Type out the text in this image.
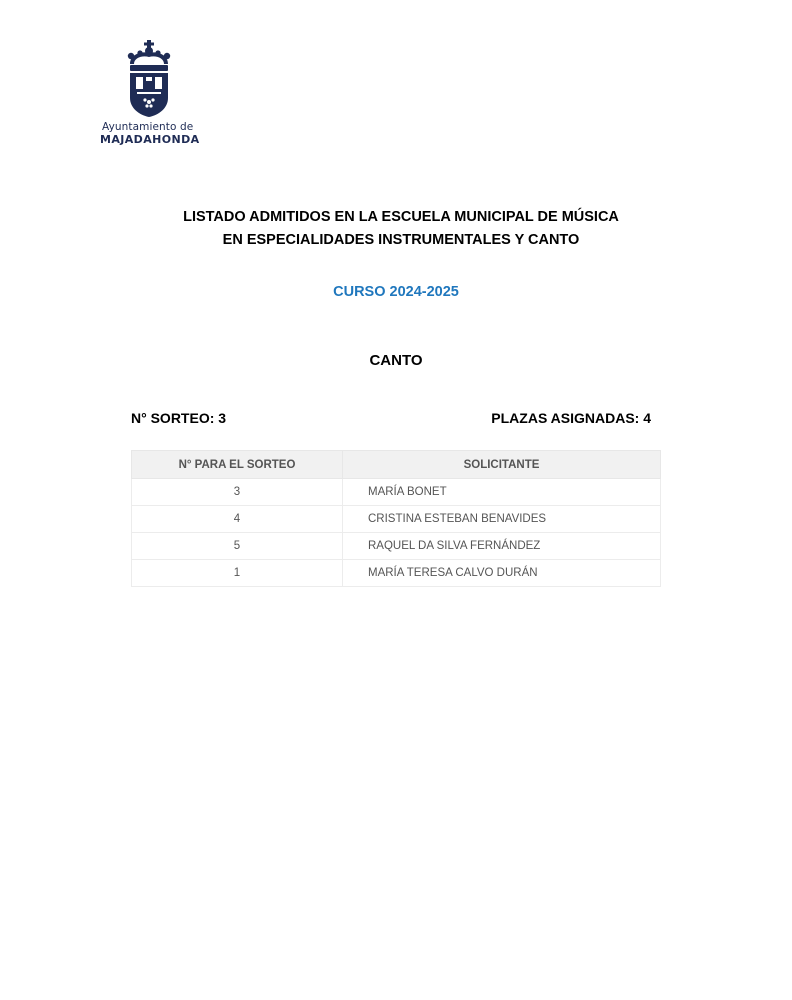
Ayuntamiento de
MAJADAHONDA
LISTADO ADMITIDOS EN LA ESCUELA MUNICIPAL DE MÚSICA
EN ESPECIALIDADES INSTRUMENTALES Y CANTO
CURSO 2024-2025
CANTO
N° SORTEO: 3	PLAZAS ASIGNADAS: 4
N° PARA EL SORTEO	SOLICITANTE
3	MARÍA BONET
4	CRISTINA ESTEBAN BENAVIDES
5	RAQUEL DA SILVA FERNÁNDEZ
1	MARÍA TERESA CALVO DURÁN
